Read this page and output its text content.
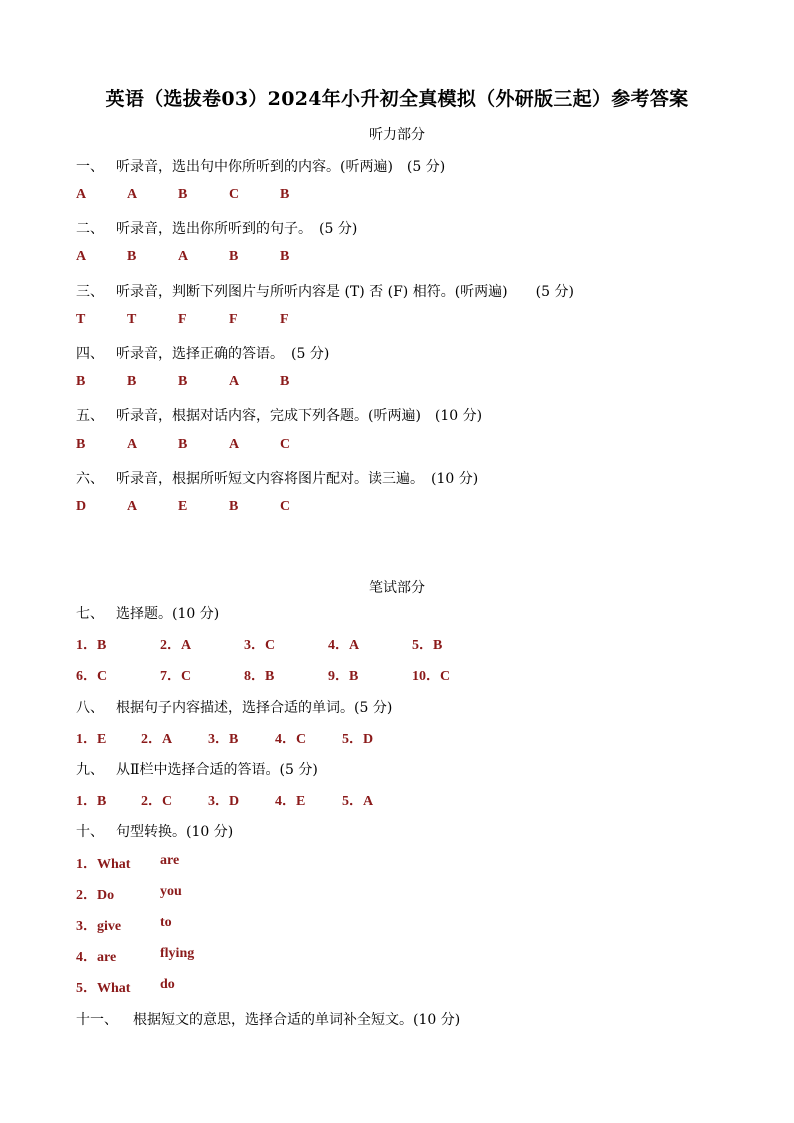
英语（选拔卷03）2024年小升初全真模拟（外研版三起）参考答案
听力部分
一、 听录音，选出句中你所听到的内容。(听两遍)　(5 分)
A	A	B	C	B
二、 听录音，选出你所听到的句子。　(5 分)
A	B	A	B	B
三、 听录音，判断下列图片与所听内容是 (T) 否 (F) 相符。(听两遍)　　(5 分)
T	T	F	F	F
四、 听录音，选择正确的答语。　(5 分)
B	B	B	A	B
五、 听录音，根据对话内容，完成下列各题。(听两遍)　(10 分)
B	A	B	A	C
六、 听录音，根据所听短文内容将图片配对。读三遍。　(10 分)
D	A	E	B	C
笔试部分
七、 选择题。(10 分)
1．B	2．A	3．C	4．A	5．B
6．C	7．C	8．B	9．B	10．C
八、 根据句子内容描述，选择合适的单词。(5 分)
1．E 2．A	3．B	4．C	5．D
九、 从Ⅱ栏中选择合适的答语。(5 分)
1．B 2．C	3．D	4．E	5．A
十、 句型转换。(10 分)
1．What are
2．Do	you
3．give	to
4．are	flying
5．What do
十一、 根据短文的意思，选择合适的单词补全短文。(10 分)
